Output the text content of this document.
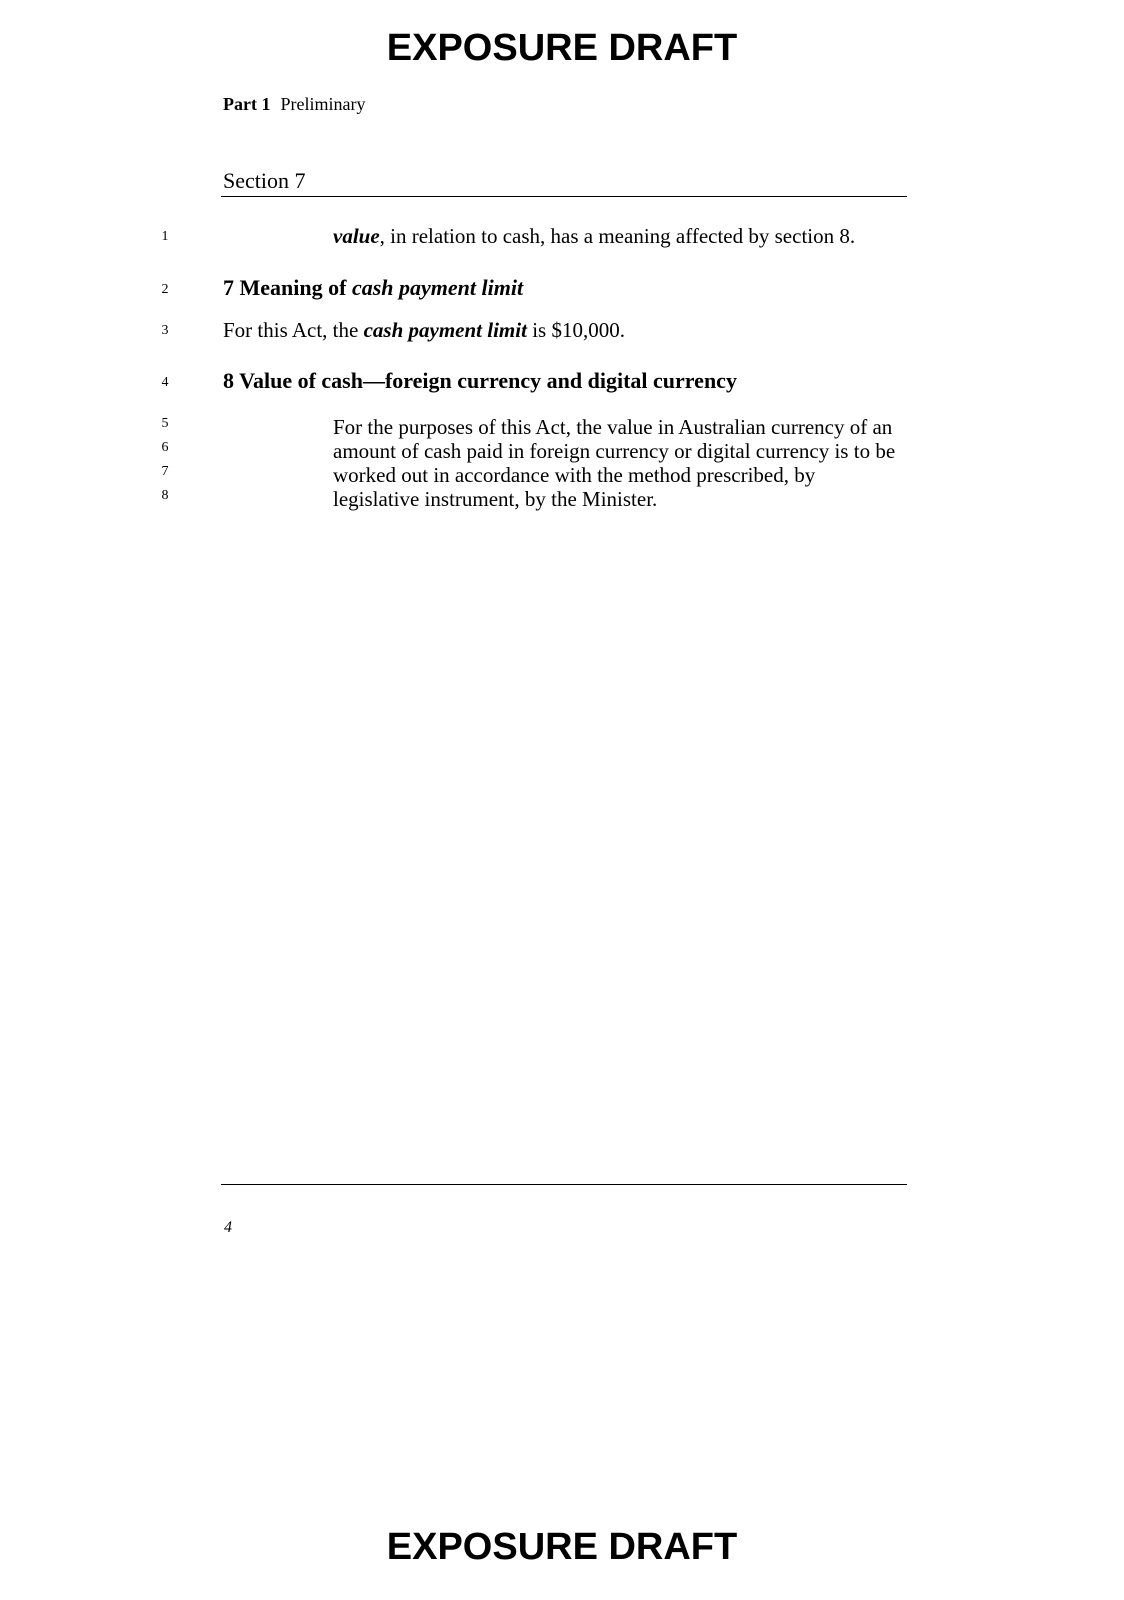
EXPOSURE DRAFT
Part 1 Preliminary
Section 7
1
2
3
4
5
6
7
8
value, in relation to cash, has a meaning affected by section 8.
7 Meaning of cash payment limit
For this Act, the cash payment limit is $10,000.
8 Value of cash—foreign currency and digital currency
For the purposes of this Act, the value in Australian currency of an
amount of cash paid in foreign currency or digital currency is to be
worked out in accordance with the method prescribed, by
legislative instrument, by the Minister.
4
EXPOSURE DRAFT
